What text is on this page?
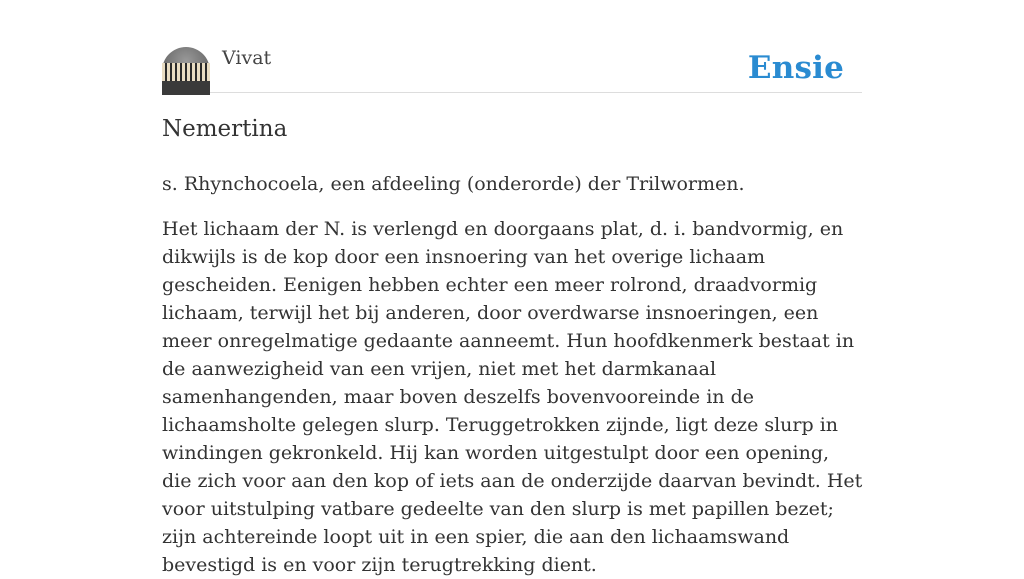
Vivat	Ensie
Nemertina

s. Rhynchocoela, een afdeeling (onderorde) der Trilwormen.

Het lichaam der N. is verlengd en doorgaans plat, d. i. bandvormig, en dikwijls is de kop door een insnoering van het overige lichaam gescheiden. Eenigen hebben echter een meer rolrond, draadvormig lichaam, terwijl het bij anderen, door overdwarse insnoeringen, een meer onregelmatige gedaante aanneemt. Hun hoofdkenmerk bestaat in de aanwezigheid van een vrijen, niet met het darmkanaal samenhangenden, maar boven deszelfs bovenvooreinde in de lichaamsholte gelegen slurp. Teruggetrokken zijnde, ligt deze slurp in windingen gekronkeld. Hij kan worden uitgestulpt door een opening, die zich voor aan den kop of iets aan de onderzijde daarvan bevindt. Het voor uitstulping vatbare gedeelte van den slurp is met papillen bezet; zijn achtereinde loopt uit in een spier, die aan den lichaamswand bevestigd is en voor zijn terugtrekking dient.
